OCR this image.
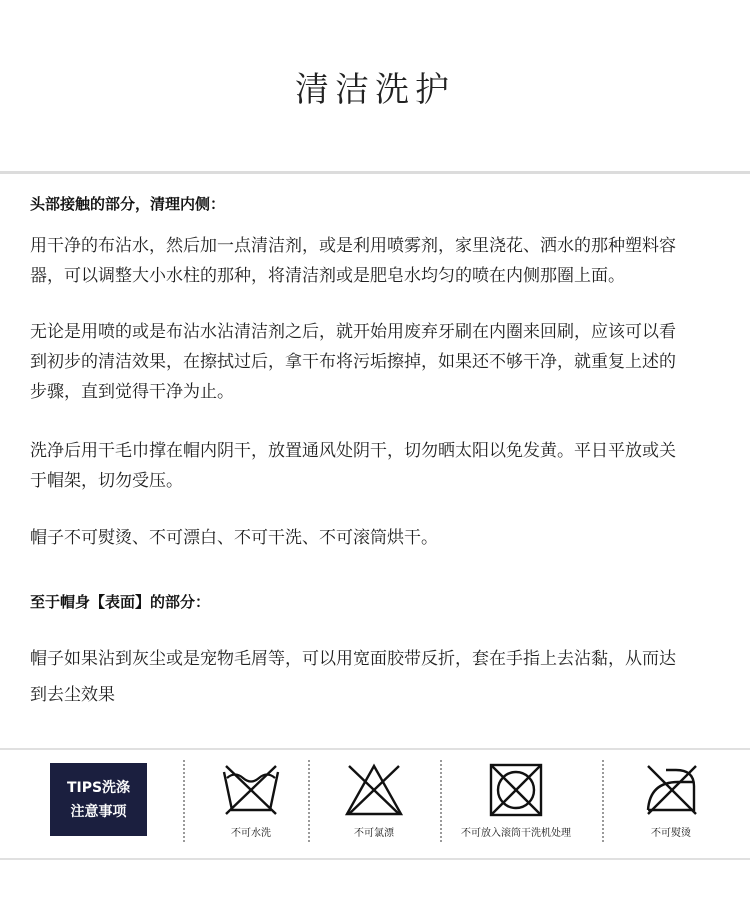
清洁洗护
头部接触的部分，清理内侧：
用干净的布沾水，然后加一点清洁剂，或是利用喷雾剂，家里浇花、洒水的那种塑料容
器，可以调整大小水柱的那种，将清洁剂或是肥皂水均匀的喷在内侧那圈上面。
无论是用喷的或是布沾水沾清洁剂之后，就开始用废弃牙刷在内圈来回刷，应该可以看
到初步的清洁效果，在擦拭过后，拿干布将污垢擦掉，如果还不够干净，就重复上述的
步骤，直到觉得干净为止。
洗净后用干毛巾撑在帽内阴干，放置通风处阴干，切勿晒太阳以免发黄。平日平放或关
于帽架，切勿受压。
帽子不可熨烫、不可漂白、不可干洗、不可滚筒烘干。
至于帽身【表面】的部分：
帽子如果沾到灰尘或是宠物毛屑等，可以用宽面胶带反折，套在手指上去沾黏，从而达
到去尘效果
TIPS洗涤
注意事项
不可水洗	不可氯漂	不可放入滚筒干洗机处理	不可熨烫
